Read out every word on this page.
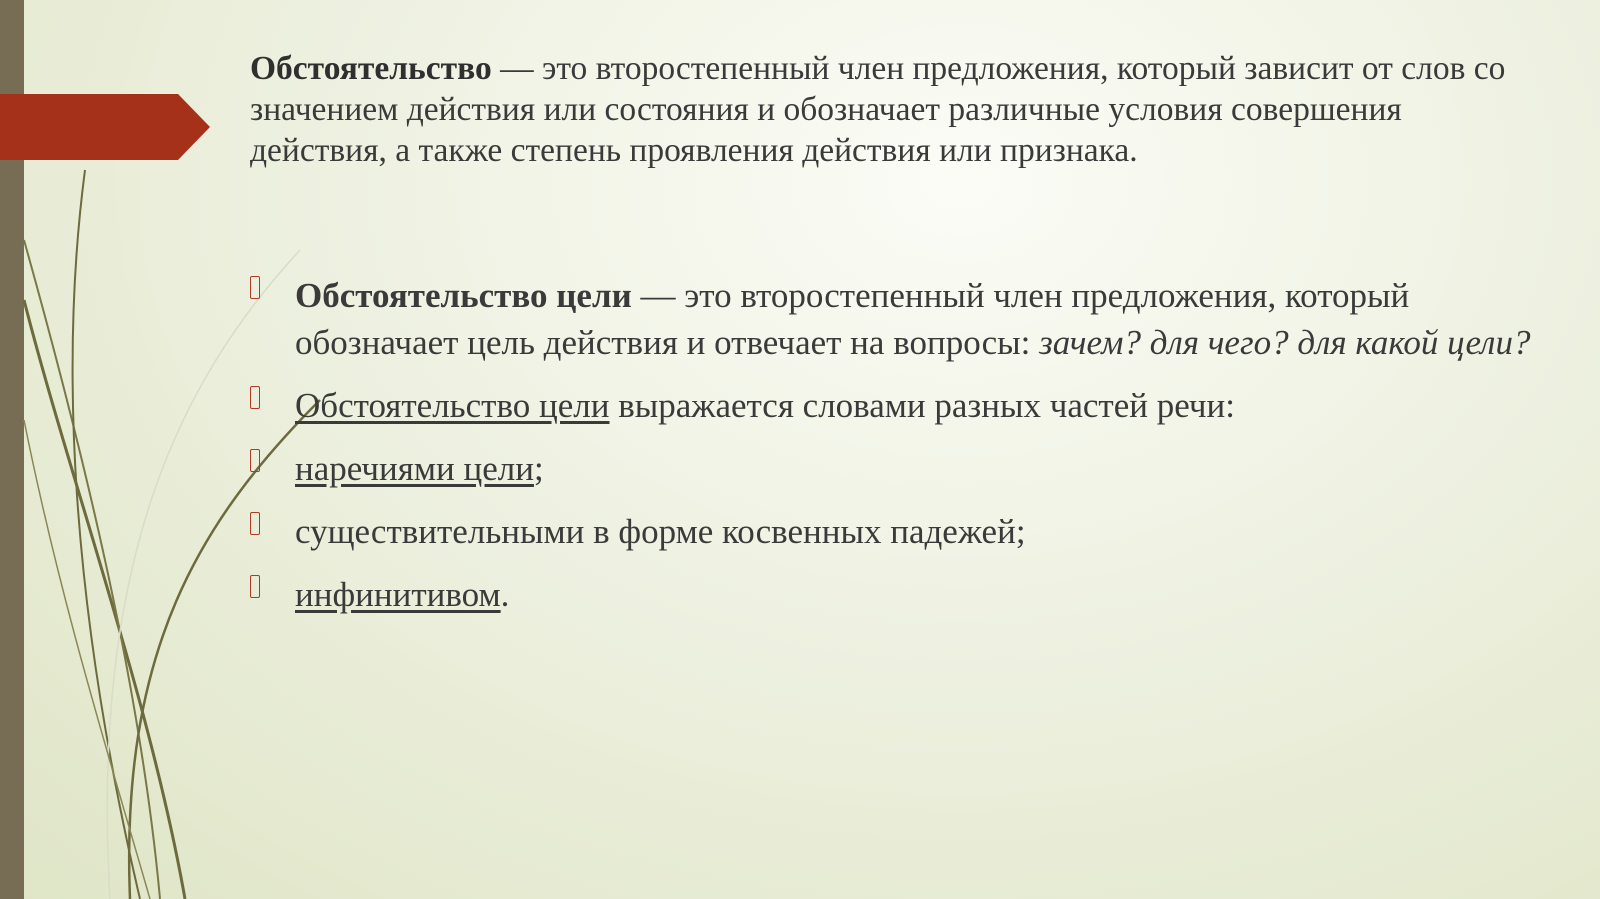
Обстоятельство — это второстепенный член предложения, который зависит от слов со значением действия или состояния и обозначает различные условия совершения действия, а также степень проявления действия или признака.

Обстоятельство цели — это второстепенный член предложения, который обозначает цель действия и отвечает на вопросы: зачем? для чего? для какой цели?
Обстоятельство цели выражается словами разных частей речи:
наречиями цели;
существительными в форме косвенных падежей;
инфинитивом.
